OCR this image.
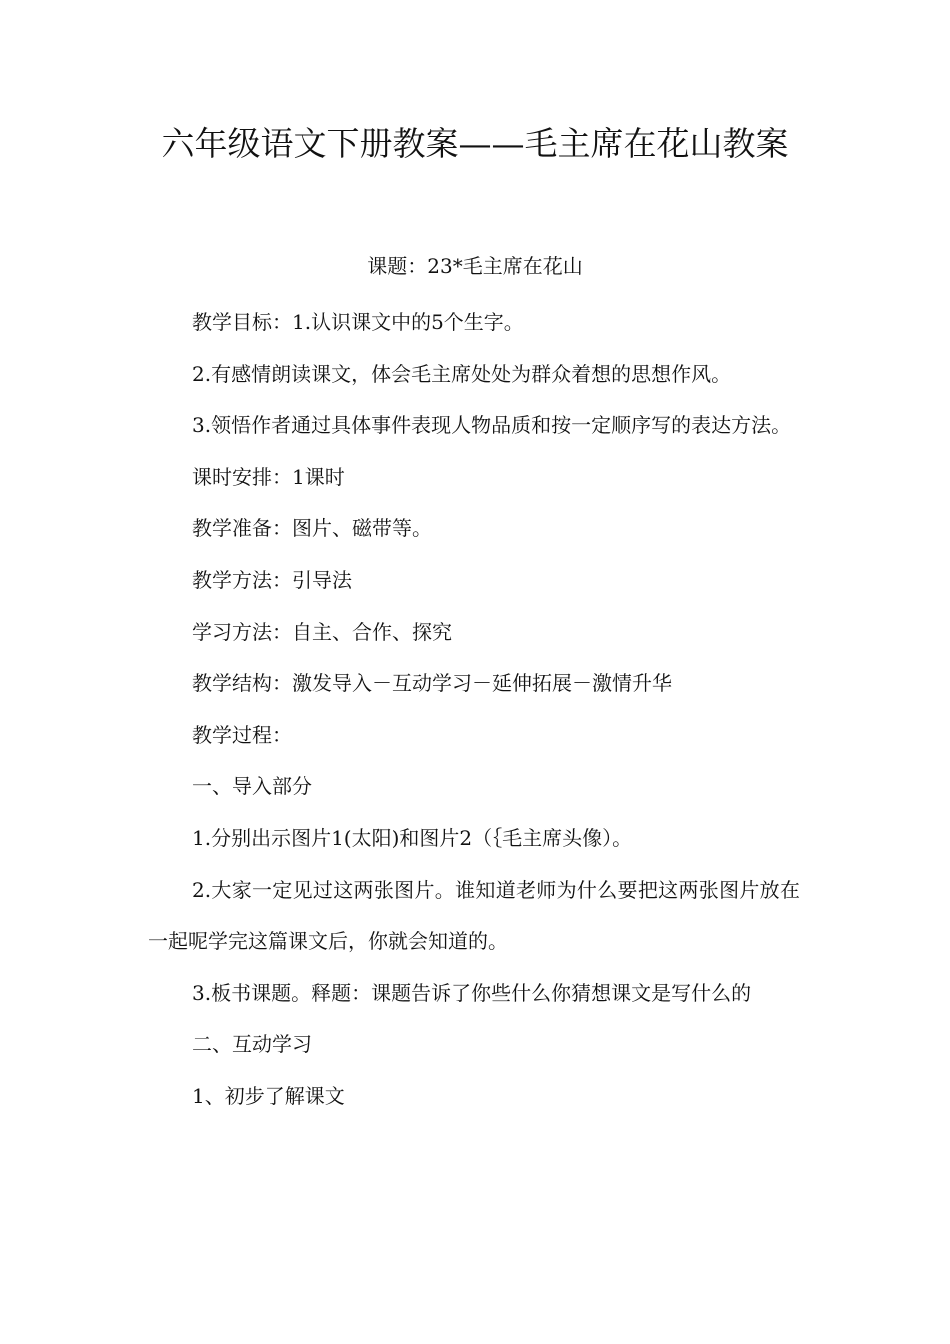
六年级语文下册教案——毛主席在花山教案
课题：23*毛主席在花山

教学目标：1.认识课文中的5个生字。

2.有感情朗读课文，体会毛主席处处为群众着想的思想作风。

3.领悟作者通过具体事件表现人物品质和按一定顺序写的表达方法。

课时安排：1课时

教学准备：图片、磁带等。

教学方法：引导法

学习方法：自主、合作、探究

教学结构：激发导入－互动学习－延伸拓展－激情升华

教学过程：

一、导入部分

1.分别出示图片1(太阳)和图片2（｛毛主席头像）。

2.大家一定见过这两张图片。谁知道老师为什么要把这两张图片放在一起呢学完这篇课文后，你就会知道的。

3.板书课题。释题：课题告诉了你些什么你猜想课文是写什么的

二、互动学习

1、初步了解课文
